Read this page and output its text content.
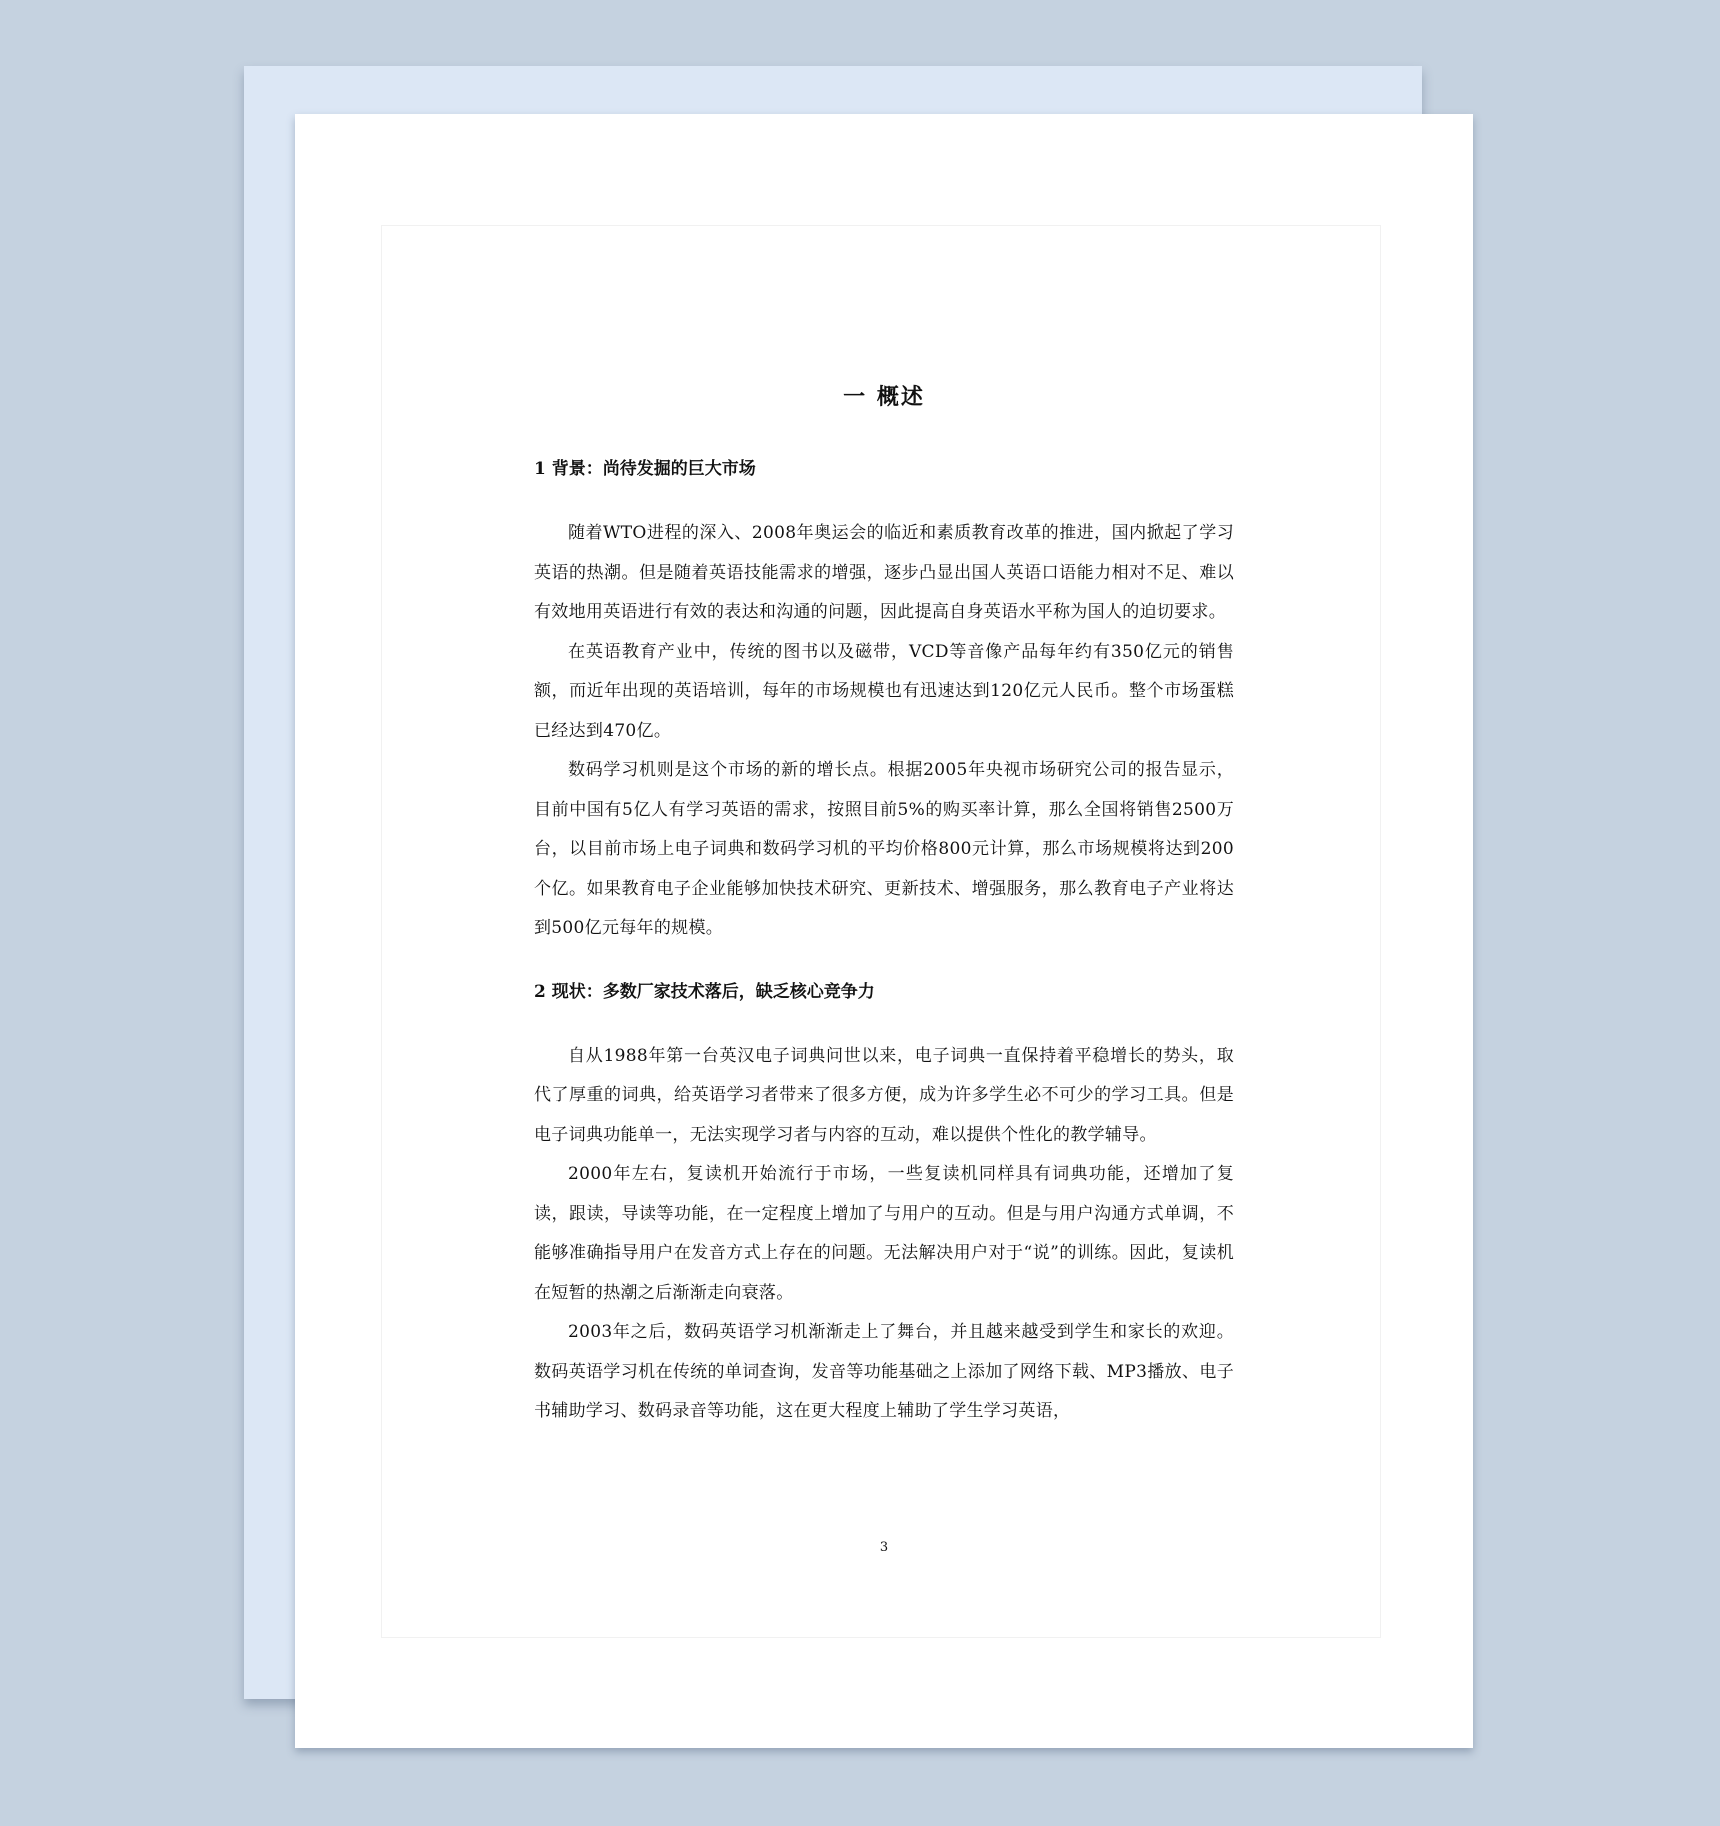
一 概述
1 背景：尚待发掘的巨大市场

随着WTO进程的深入、2008年奥运会的临近和素质教育改革的推进，国内掀起了学习英语的热潮。但是随着英语技能需求的增强，逐步凸显出国人英语口语能力相对不足、难以有效地用英语进行有效的表达和沟通的问题，因此提高自身英语水平称为国人的迫切要求。

在英语教育产业中，传统的图书以及磁带，VCD等音像产品每年约有350亿元的销售额，而近年出现的英语培训，每年的市场规模也有迅速达到120亿元人民币。整个市场蛋糕已经达到470亿。

数码学习机则是这个市场的新的增长点。根据2005年央视市场研究公司的报告显示，目前中国有5亿人有学习英语的需求，按照目前5%的购买率计算，那么全国将销售2500万台，以目前市场上电子词典和数码学习机的平均价格800元计算，那么市场规模将达到200个亿。如果教育电子企业能够加快技术研究、更新技术、增强服务，那么教育电子产业将达到500亿元每年的规模。

2 现状：多数厂家技术落后，缺乏核心竞争力

自从1988年第一台英汉电子词典问世以来，电子词典一直保持着平稳增长的势头，取代了厚重的词典，给英语学习者带来了很多方便，成为许多学生必不可少的学习工具。但是电子词典功能单一，无法实现学习者与内容的互动，难以提供个性化的教学辅导。

2000年左右，复读机开始流行于市场，一些复读机同样具有词典功能，还增加了复读，跟读，导读等功能，在一定程度上增加了与用户的互动。但是与用户沟通方式单调，不能够准确指导用户在发音方式上存在的问题。无法解决用户对于“说”的训练。因此，复读机在短暂的热潮之后渐渐走向衰落。

2003年之后，数码英语学习机渐渐走上了舞台，并且越来越受到学生和家长的欢迎。数码英语学习机在传统的单词查询，发音等功能基础之上添加了网络下载、MP3播放、电子书辅助学习、数码录音等功能，这在更大程度上辅助了学生学习英语，

3
